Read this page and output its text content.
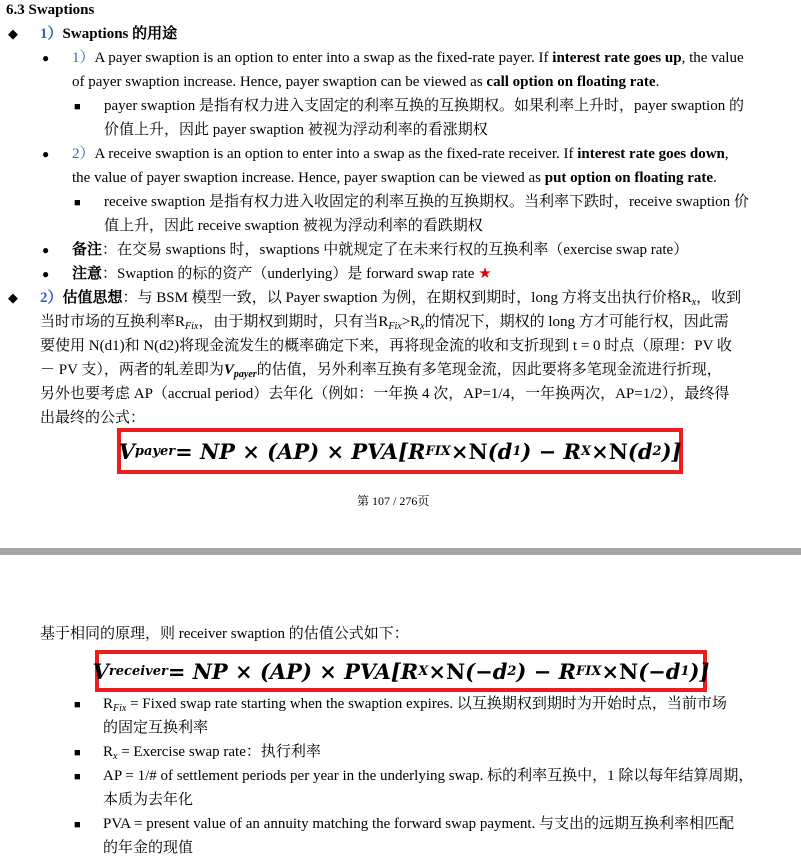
6.3 Swaptions
◆ 1）Swaptions 的用途
● 1）A payer swaption is an option to enter into a swap as the fixed-rate payer. If interest rate goes up, the value
of payer swaption increase. Hence, payer swaption can be viewed as call option on floating rate.
■ payer swaption 是指有权力进入支固定的利率互换的互换期权。如果利率上升时，payer swaption 的
价值上升，因此 payer swaption 被视为浮动利率的看涨期权
● 2）A receive swaption is an option to enter into a swap as the fixed-rate receiver. If interest rate goes down,
the value of payer swaption increase. Hence, payer swaption can be viewed as put option on floating rate.
■ receive swaption 是指有权力进入收固定的利率互换的互换期权。当利率下跌时，receive swaption 价
值上升，因此 receive swaption 被视为浮动利率的看跌期权
● 备注：在交易 swaptions 时，swaptions 中就规定了在未来行权的互换利率（exercise swap rate）
● 注意：Swaption 的标的资产（underlying）是 forward swap rate ★
◆ 2）估值思想：与 BSM 模型一致，以 Payer swaption 为例，在期权到期时，long 方将支出执行价格$R_x$，收到
当时市场的互换利率$R_{Fix}$，由于期权到期时，只有当$R_{Fix}>R_x$的情况下，期权的 long 方才可能行权，因此需
要使用 N(d1)和 N(d2)将现金流发生的概率确定下来，再将现金流的收和支折现到 t = 0 时点（原理：PV 收
－ PV 支），两者的轧差即为$V_{payer}$的估值，另外利率互换有多笔现金流，因此要将多笔现金流进行折现，
另外也要考虑 AP（accrual period）去年化（例如：一年换 4 次，AP=1/4，一年换两次，AP=1/2），最终得
出最终的公式：
V payer = NP × (AP) × PVA[R FIX × N (d 1 ) − R X × N (d 2 )]
第 107 / 276页
基于相同的原理，则 receiver swaption 的估值公式如下：
V receiver = NP × (AP) × PVA[R X × N (−d 2 ) − R FIX × N (−d 1 )]
■ $R_{Fix}$ = Fixed swap rate starting when the swaption expires. 以互换期权到期时为开始时点，当前市场
的固定互换利率
■ $R_x$ = Exercise swap rate：执行利率
■ AP = 1/# of settlement periods per year in the underlying swap. 标的利率互换中，1 除以每年结算周期，
本质为去年化
■ PVA = present value of an annuity matching the forward swap payment. 与支出的远期互换利率相匹配
的年金的现值
